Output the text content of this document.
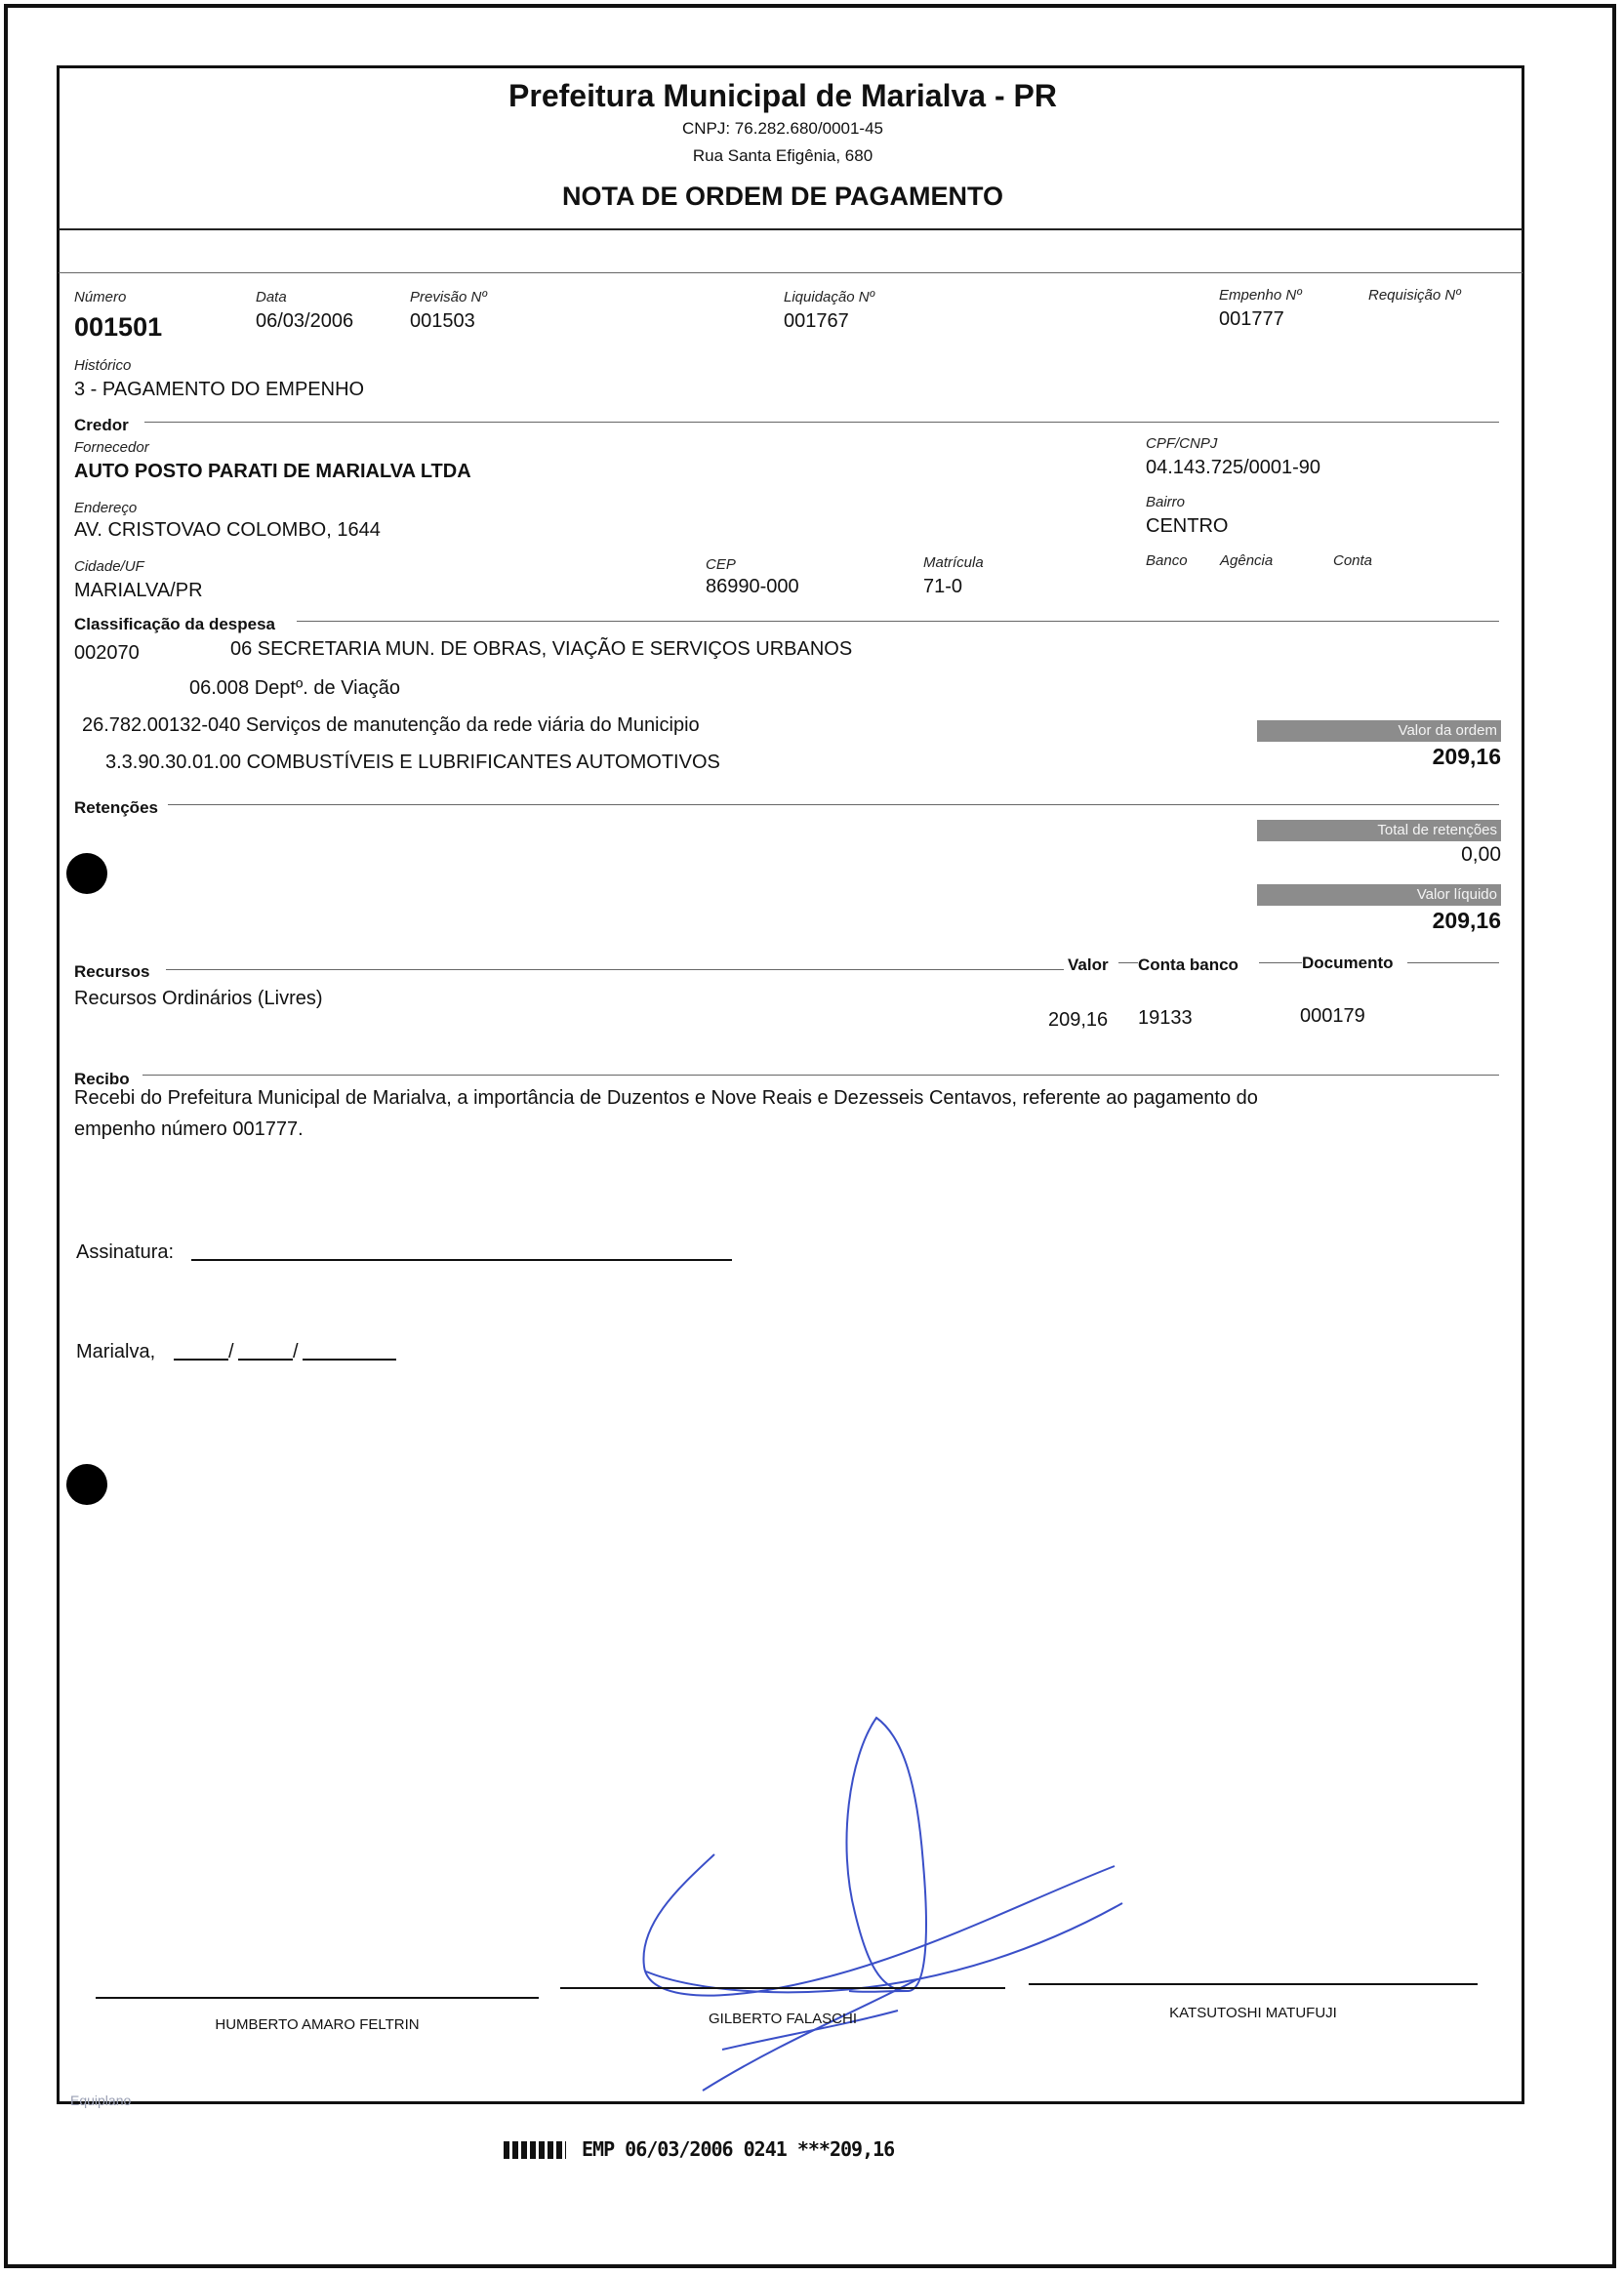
Prefeitura Municipal de Marialva - PR
CNPJ: 76.282.680/0001-45
Rua Santa Efigênia, 680
NOTA DE ORDEM DE PAGAMENTO
Número
001501
Data
06/03/2006
Previsão Nº
001503
Liquidação Nº
001767
Empenho Nº
001777
Requisição Nº
Histórico
3 - PAGAMENTO DO EMPENHO
Credor
Fornecedor
AUTO POSTO PARATI DE MARIALVA LTDA
CPF/CNPJ
04.143.725/0001-90
Endereço
AV. CRISTOVAO COLOMBO, 1644
Bairro
CENTRO
Cidade/UF
MARIALVA/PR
CEP
86990-000
Matrícula
71-0
Banco Agência	Conta
Classificação da despesa
002070	06 SECRETARIA MUN. DE OBRAS, VIAÇÃO E SERVIÇOS URBANOS
06.008 Deptº. de Viação
26.782.00132-040 Serviços de manutenção da rede viária do Municipio
3.3.90.30.01.00 COMBUSTÍVEIS E LUBRIFICANTES AUTOMOTIVOS
Valor da ordem
209,16
Retenções
Total de retenções
0,00
Valor líquido
209,16
Recursos	Valor Conta banco	Documento
Recursos Ordinários (Livres)
209,16 19133	000179
Recibo
Recebi do Prefeitura Municipal de Marialva, a importância de Duzentos e Nove Reais e Dezesseis Centavos, referente ao pagamento do
empenho número 001777.
Assinatura:
Marialva,	/	/
HUMBERTO AMARO FELTRIN	GILBERTO FALASCHI	KATSUTOSHI MATUFUJI
Equiplano
EMP 06/03/2006 0241 ***209,16
